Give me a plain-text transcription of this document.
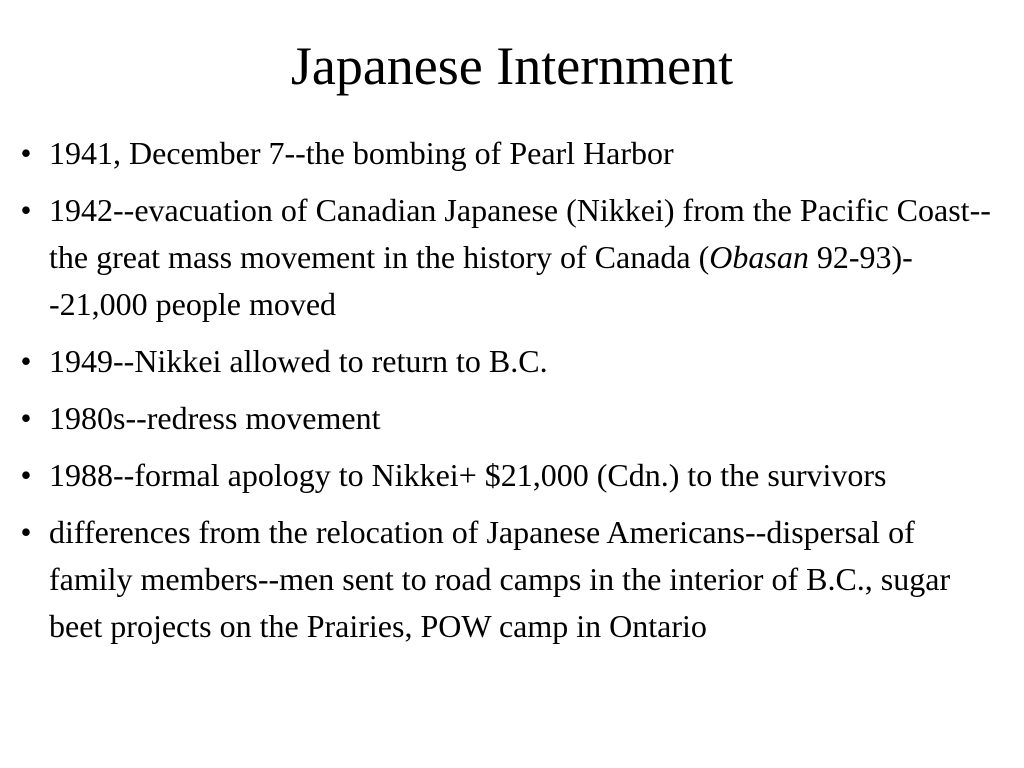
Japanese Internment
• 1941, December 7--the bombing of Pearl Harbor
• 1942--evacuation of Canadian Japanese (Nikkei) from the Pacific Coast--the great mass movement in the history of Canada (Obasan 92-93)--21,000 people moved
• 1949--Nikkei allowed to return to B.C.
• 1980s--redress movement
• 1988--formal apology to Nikkei+ $21,000 (Cdn.) to the survivors
• differences from the relocation of Japanese Americans--dispersal of family members--men sent to road camps in the interior of B.C., sugar beet projects on the Prairies, POW camp in Ontario
